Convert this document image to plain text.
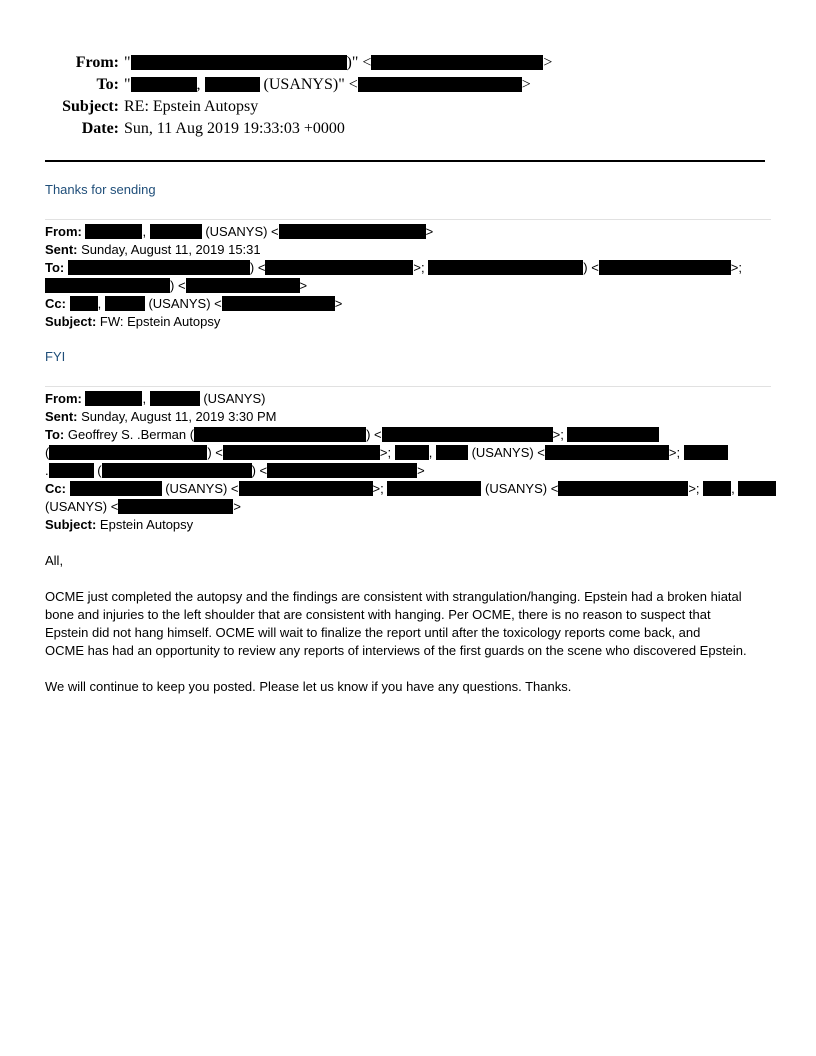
From: "	)" <	>
To: "	,	(USANYS)" <	>
Subject: RE: Epstein Autopsy
Date: Sun, 11 Aug 2019 19:33:03 +0000
Thanks for sending
From:	,	(USANYS) <	>
Sent: Sunday, August 11, 2019 15:31
To:	) <	>;	) <	>;
) <	>
Cc: ,	(USANYS) <	>
Subject: FW: Epstein Autopsy
FYI
From:	,	(USANYS)
Sent: Sunday, August 11, 2019 3:30 PM
To: Geoffrey S. .Berman (	) <	>;
(	) <	>;	,	(USANYS) <	>;
.	(	) <	>
Cc:	(USANYS) <	>;	(USANYS) <	>; ,
(USANYS) <	>
Subject: Epstein Autopsy
All,
OCME just completed the autopsy and the findings are consistent with strangulation/hanging. Epstein had a broken hiatal
bone and injuries to the left shoulder that are consistent with hanging. Per OCME, there is no reason to suspect that
Epstein did not hang himself. OCME will wait to finalize the report until after the toxicology reports come back, and
OCME has had an opportunity to review any reports of interviews of the first guards on the scene who discovered Epstein.
We will continue to keep you posted. Please let us know if you have any questions. Thanks.
